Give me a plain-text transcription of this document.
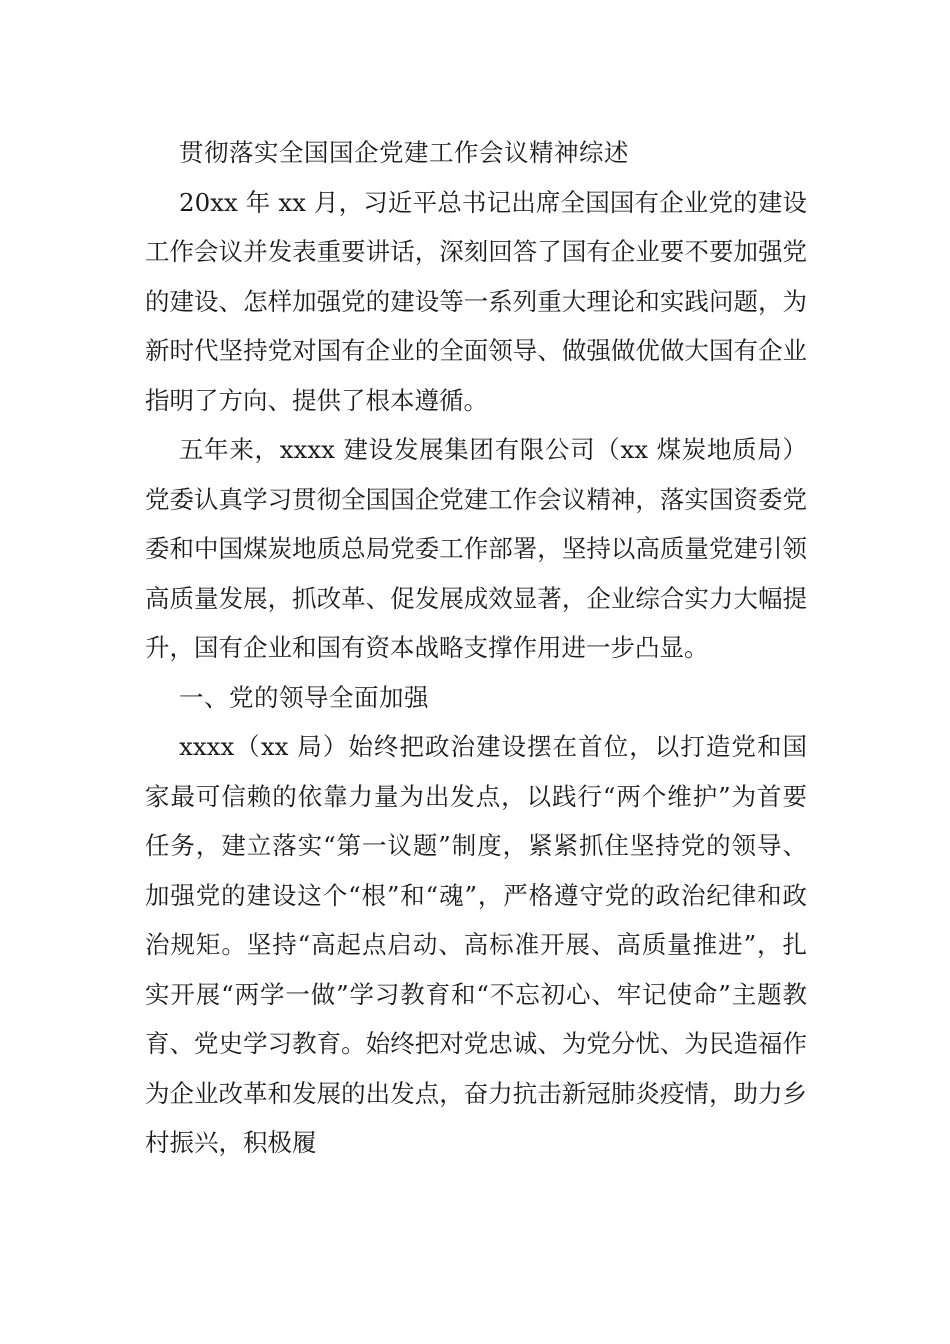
贯彻落实全国国企党建工作会议精神综述

20xx 年 xx 月，习近平总书记出席全国国有企业党的建设工作会议并发表重要讲话，深刻回答了国有企业要不要加强党的建设、怎样加强党的建设等一系列重大理论和实践问题，为新时代坚持党对国有企业的全面领导、做强做优做大国有企业指明了方向、提供了根本遵循。

五年来，xxxx 建设发展集团有限公司（xx 煤炭地质局）党委认真学习贯彻全国国企党建工作会议精神，落实国资委党委和中国煤炭地质总局党委工作部署，坚持以高质量党建引领高质量发展，抓改革、促发展成效显著，企业综合实力大幅提升，国有企业和国有资本战略支撑作用进一步凸显。

一、党的领导全面加强

xxxx（xx 局）始终把政治建设摆在首位，以打造党和国家最可信赖的依靠力量为出发点，以践行“两个维护”为首要任务，建立落实“第一议题”制度，紧紧抓住坚持党的领导、加强党的建设这个“根”和“魂”，严格遵守党的政治纪律和政治规矩。坚持“高起点启动、高标准开展、高质量推进”，扎实开展“两学一做”学习教育和“不忘初心、牢记使命”主题教育、党史学习教育。始终把对党忠诚、为党分忧、为民造福作为企业改革和发展的出发点，奋力抗击新冠肺炎疫情，助力乡村振兴，积极履
